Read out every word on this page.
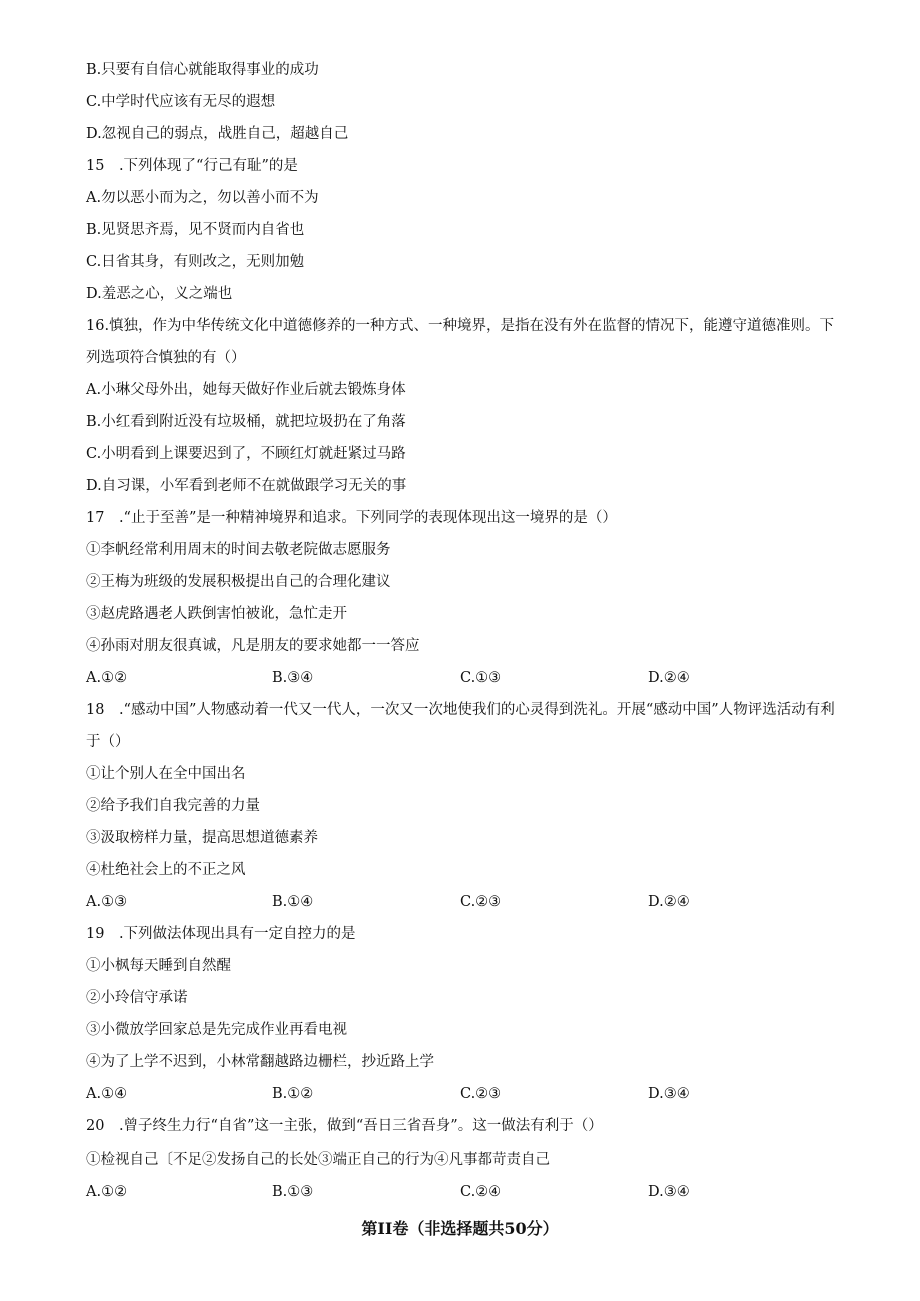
B.只要有自信心就能取得事业的成功
C.中学时代应该有无尽的遐想
D.忽视自己的弱点，战胜自己，超越自己
15　.下列体现了“行己有耻”的是
A.勿以恶小而为之，勿以善小而不为
B.见贤思齐焉，见不贤而内自省也
C.日省其身，有则改之，无则加勉
D.羞恶之心，义之端也
16.慎独，作为中华传统文化中道德修养的一种方式、一种境界，是指在没有外在监督的情况下，能遵守道德准则。下列选项符合慎独的有（）
A.小琳父母外出，她每天做好作业后就去锻炼身体
B.小红看到附近没有垃圾桶，就把垃圾扔在了角落
C.小明看到上课要迟到了，不顾红灯就赶紧过马路
D.自习课，小军看到老师不在就做跟学习无关的事
17　.“止于至善”是一种精神境界和追求。下列同学的表现体现出这一境界的是（）
①李帆经常利用周末的时间去敬老院做志愿服务
②王梅为班级的发展积极提出自己的合理化建议
③赵虎路遇老人跌倒害怕被讹，急忙走开
④孙雨对朋友很真诚，凡是朋友的要求她都一一答应
A.①②	B.③④	C.①③	D.②④
18　.“感动中国”人物感动着一代又一代人，一次又一次地使我们的心灵得到洗礼。开展“感动中国”人物评选活动有利于（）
①让个别人在全中国出名
②给予我们自我完善的力量
③汲取榜样力量，提高思想道德素养
④杜绝社会上的不正之风
A.①③	B.①④	C.②③	D.②④
19　.下列做法体现出具有一定自控力的是
①小枫每天睡到自然醒
②小玲信守承诺
③小微放学回家总是先完成作业再看电视
④为了上学不迟到，小林常翻越路边栅栏，抄近路上学
A.①④	B.①②	C.②③	D.③④
20　.曾子终生力行“自省”这一主张，做到“吾日三省吾身”。这一做法有利于（）
①检视自己〔不足②发扬自己的长处③端正自己的行为④凡事都苛责自己
A.①②	B.①③	C.②④	D.③④
第II卷（非选择题共50分）
